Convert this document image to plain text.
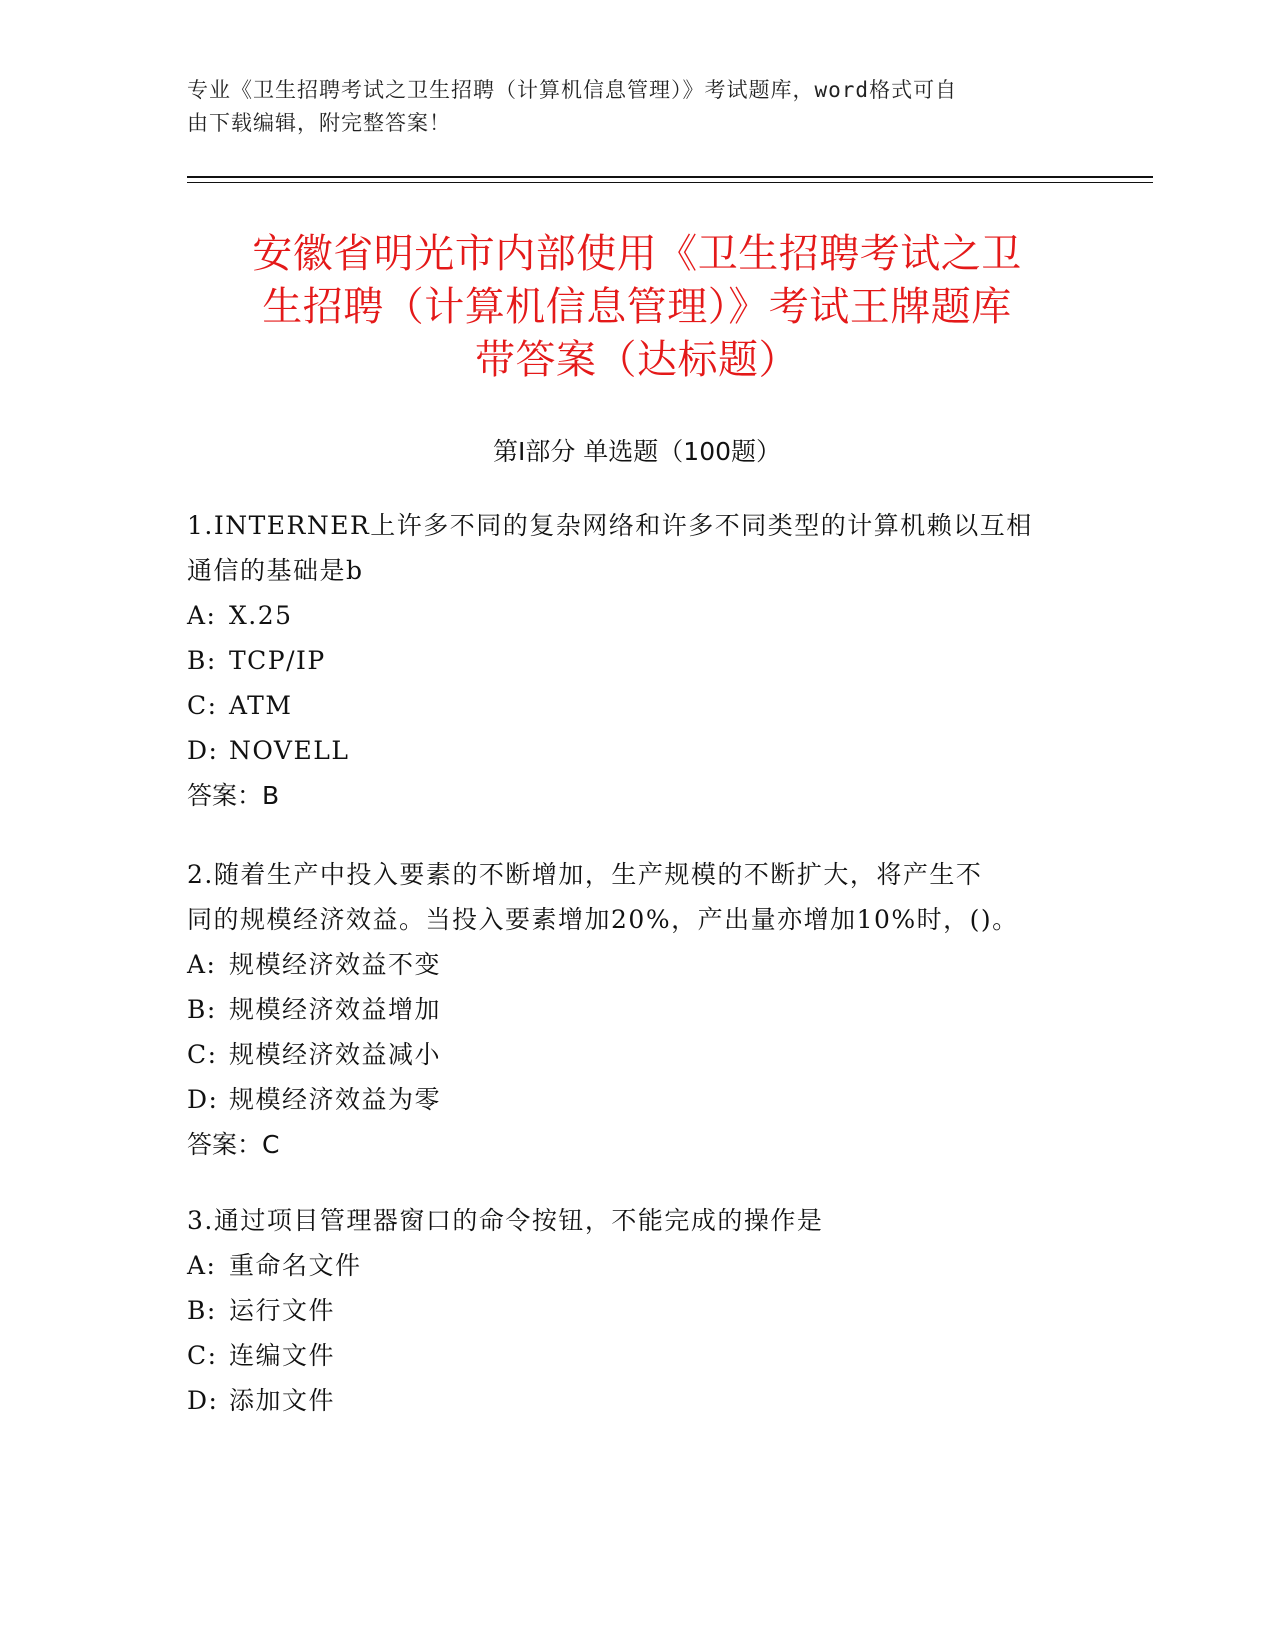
专业《卫生招聘考试之卫生招聘（计算机信息管理）》考试题库，word格式可自
由下载编辑，附完整答案！
安徽省明光市内部使用《卫生招聘考试之卫
生招聘（计算机信息管理）》考试王牌题库
带答案（达标题）
第Ⅰ部分 单选题（100题）
1.INTERNER上许多不同的复杂网络和许多不同类型的计算机赖以互相
通信的基础是b
A: X.25
B: TCP/IP
C: ATM
D: NOVELL
答案：B
2.随着生产中投入要素的不断增加，生产规模的不断扩大，将产生不
同的规模经济效益。当投入要素增加20%，产出量亦增加10%时，()。
A: 规模经济效益不变
B: 规模经济效益增加
C: 规模经济效益减小
D: 规模经济效益为零
答案：C
3.通过项目管理器窗口的命令按钮，不能完成的操作是
A: 重命名文件
B: 运行文件
C: 连编文件
D: 添加文件
